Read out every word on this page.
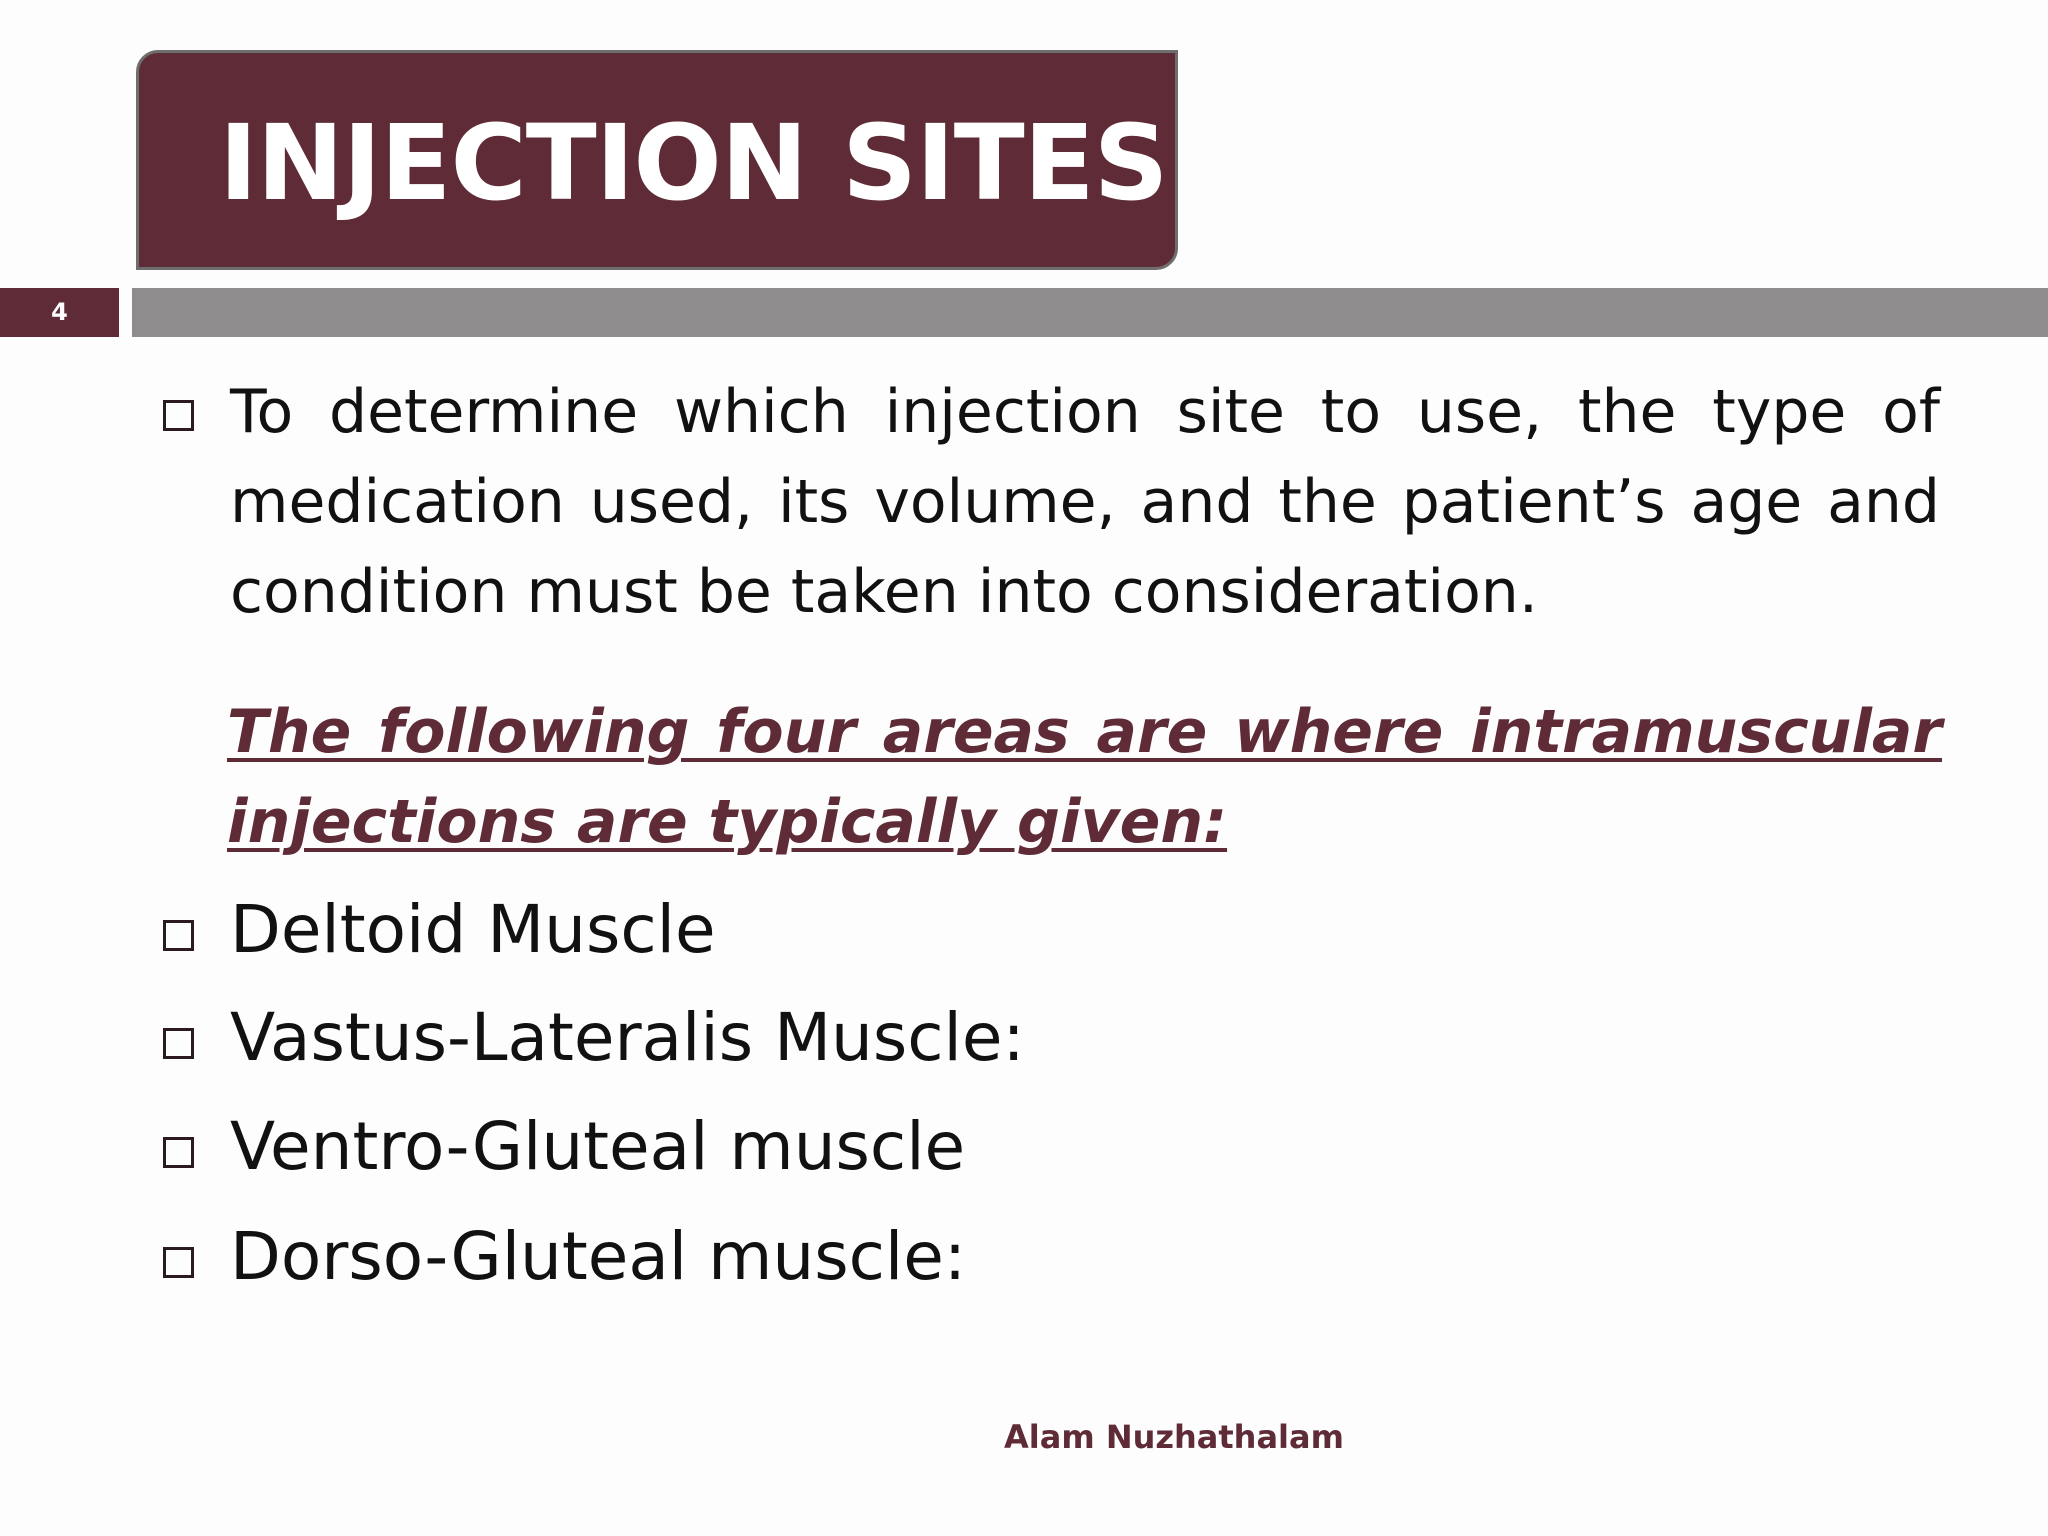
INJECTION SITES
4

To determine which injection site to use, the type of medication used, its volume, and the patient’s age and condition must be taken into consideration.

The following four areas are where intramuscular injections are typically given:

Deltoid Muscle
Vastus-Lateralis Muscle:
Ventro-Gluteal muscle
Dorso-Gluteal muscle:
Alam Nuzhathalam
